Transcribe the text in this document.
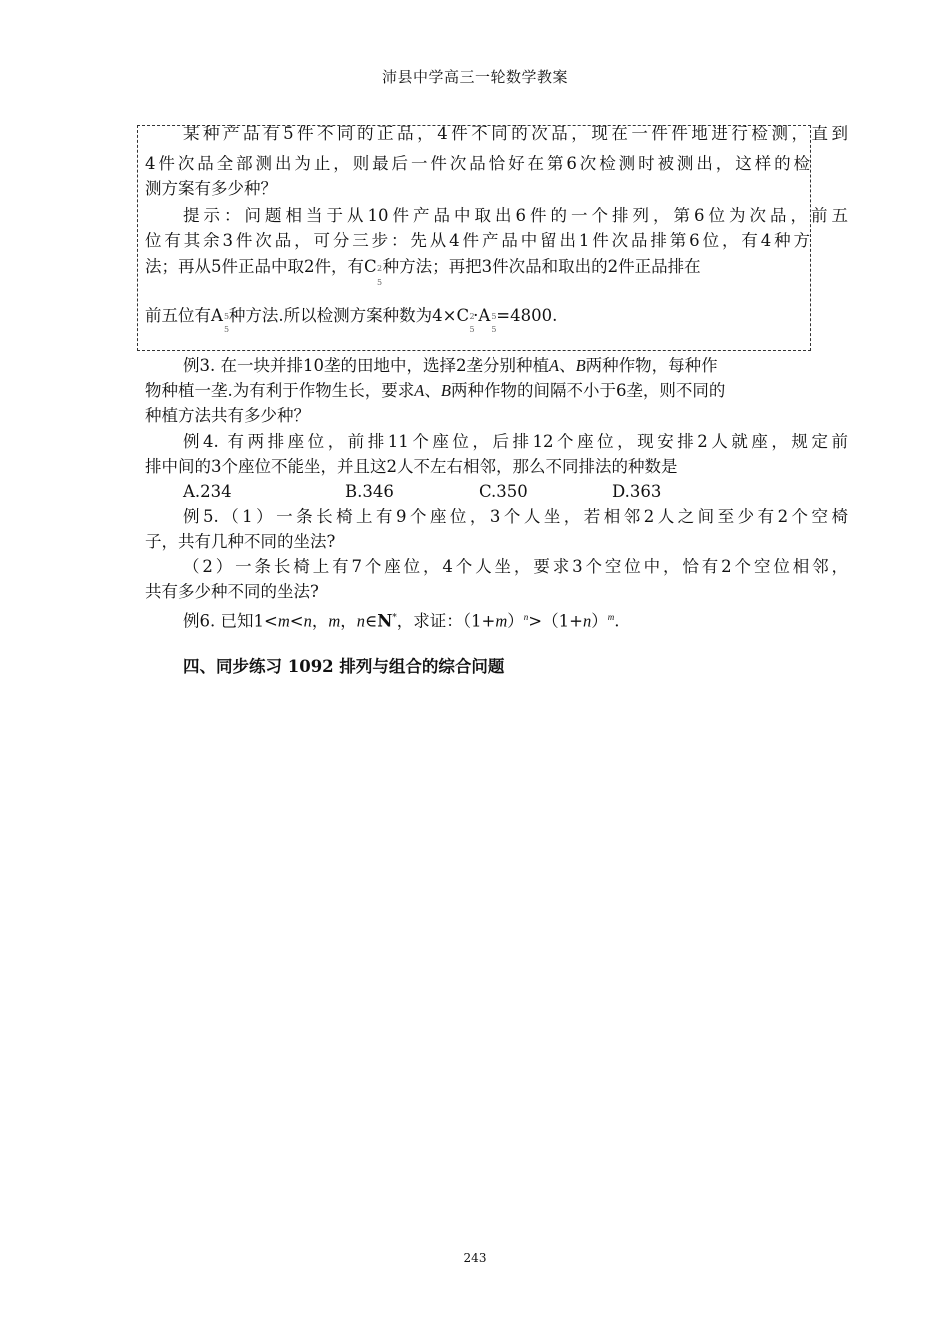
沛县中学高三一轮数学教案
某种产品有5件不同的正品，4件不同的次品，现在一件件地进行检测，直到
4件次品全部测出为止，则最后一件次品恰好在第6次检测时被测出，这样的检
测方案有多少种？
提示：问题相当于从10件产品中取出6件的一个排列，第6位为次品，前五
位有其余3件次品，可分三步：先从4件产品中留出1件次品排第6位，有4种方
法；再从5件正品中取2件，有C 2
5
种方法；再把3件次品和取出的2件正品排在
前五位有A 5
5
种方法.所以检测方案种数为4×C 2
5
·A 5
5
=4800.
例3. 在一块并排10垄的田地中，选择2垄分别种植A、B两种作物，每种作
物种植一垄.为有利于作物生长，要求A、B两种作物的间隔不小于6垄，则不同的
种植方法共有多少种？
例4. 有两排座位，前排11个座位，后排12个座位，现安排2人就座，规定前
排中间的3个座位不能坐，并且这2人不左右相邻，那么不同排法的种数是
A.234	B.346	C.350	D.363
例5.（1）一条长椅上有9个座位，3个人坐，若相邻2人之间至少有2个空椅
子，共有几种不同的坐法?
（2）一条长椅上有7个座位，4个人坐，要求3个空位中，恰有2个空位相邻，
共有多少种不同的坐法?
例6. 已知1<m<n，m，n∈N*，求证：$(1+m)^n>(1+n)^m$.
四、同步练习 1092 排列与组合的综合问题
243
